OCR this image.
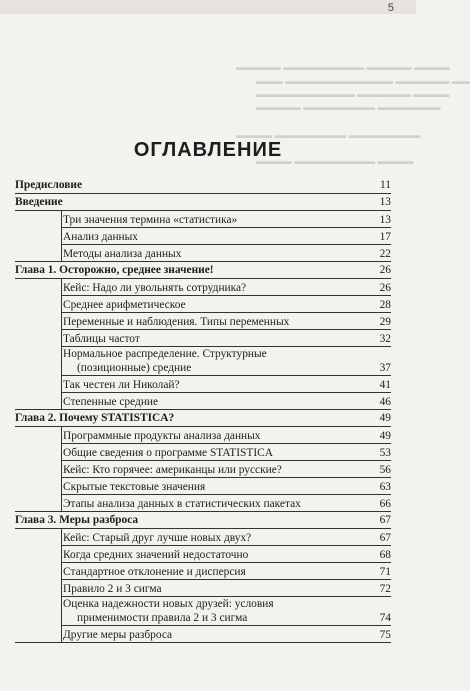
5
▬▬▬▬▬ ▬▬▬▬▬▬▬▬▬ ▬▬▬▬▬ ▬▬▬▬
▬▬▬ ▬▬▬▬▬▬▬▬▬▬▬▬ ▬▬▬▬▬▬ ▬▬
▬▬▬▬▬▬▬▬▬▬▬ ▬▬▬▬▬▬ ▬▬▬▬
▬▬▬▬▬ ▬▬▬▬▬▬▬▬ ▬▬▬▬▬▬▬
▬▬▬▬ ▬▬▬▬▬▬▬▬ ▬▬▬▬▬▬▬▬
▬▬▬▬ ▬▬▬▬▬▬▬▬▬ ▬▬▬▬
ОГЛАВЛЕНИЕ
Предисловие	11
Введение	13
Три значения термина «статистика»	13
Анализ данных	17
Методы анализа данных	22
Глава 1. Осторожно, среднее значение!	26
Кейс: Надо ли увольнять сотрудника?	26
Среднее арифметическое	28
Переменные и наблюдения. Типы переменных	29
Таблицы частот	32
Нормальное распределение. Структурные
(позиционные) средние	37
Так честен ли Николай?	41
Степенные средние	46
Глава 2. Почему STATISTICA?	49
Программные продукты анализа данных	49
Общие сведения о программе STATISTICA	53
Кейс: Кто горячее: американцы или русские?	56
Скрытые текстовые значения	63
Этапы анализа данных в статистических пакетах	66
Глава 3. Меры разброса	67
Кейс: Старый друг лучше новых двух?	67
Когда средних значений недостаточно	68
Стандартное отклонение и дисперсия	71
Правило 2 и 3 сигма	72
Оценка надежности новых друзей: условия
применимости правила 2 и 3 сигма	74
Другие меры разброса	75
